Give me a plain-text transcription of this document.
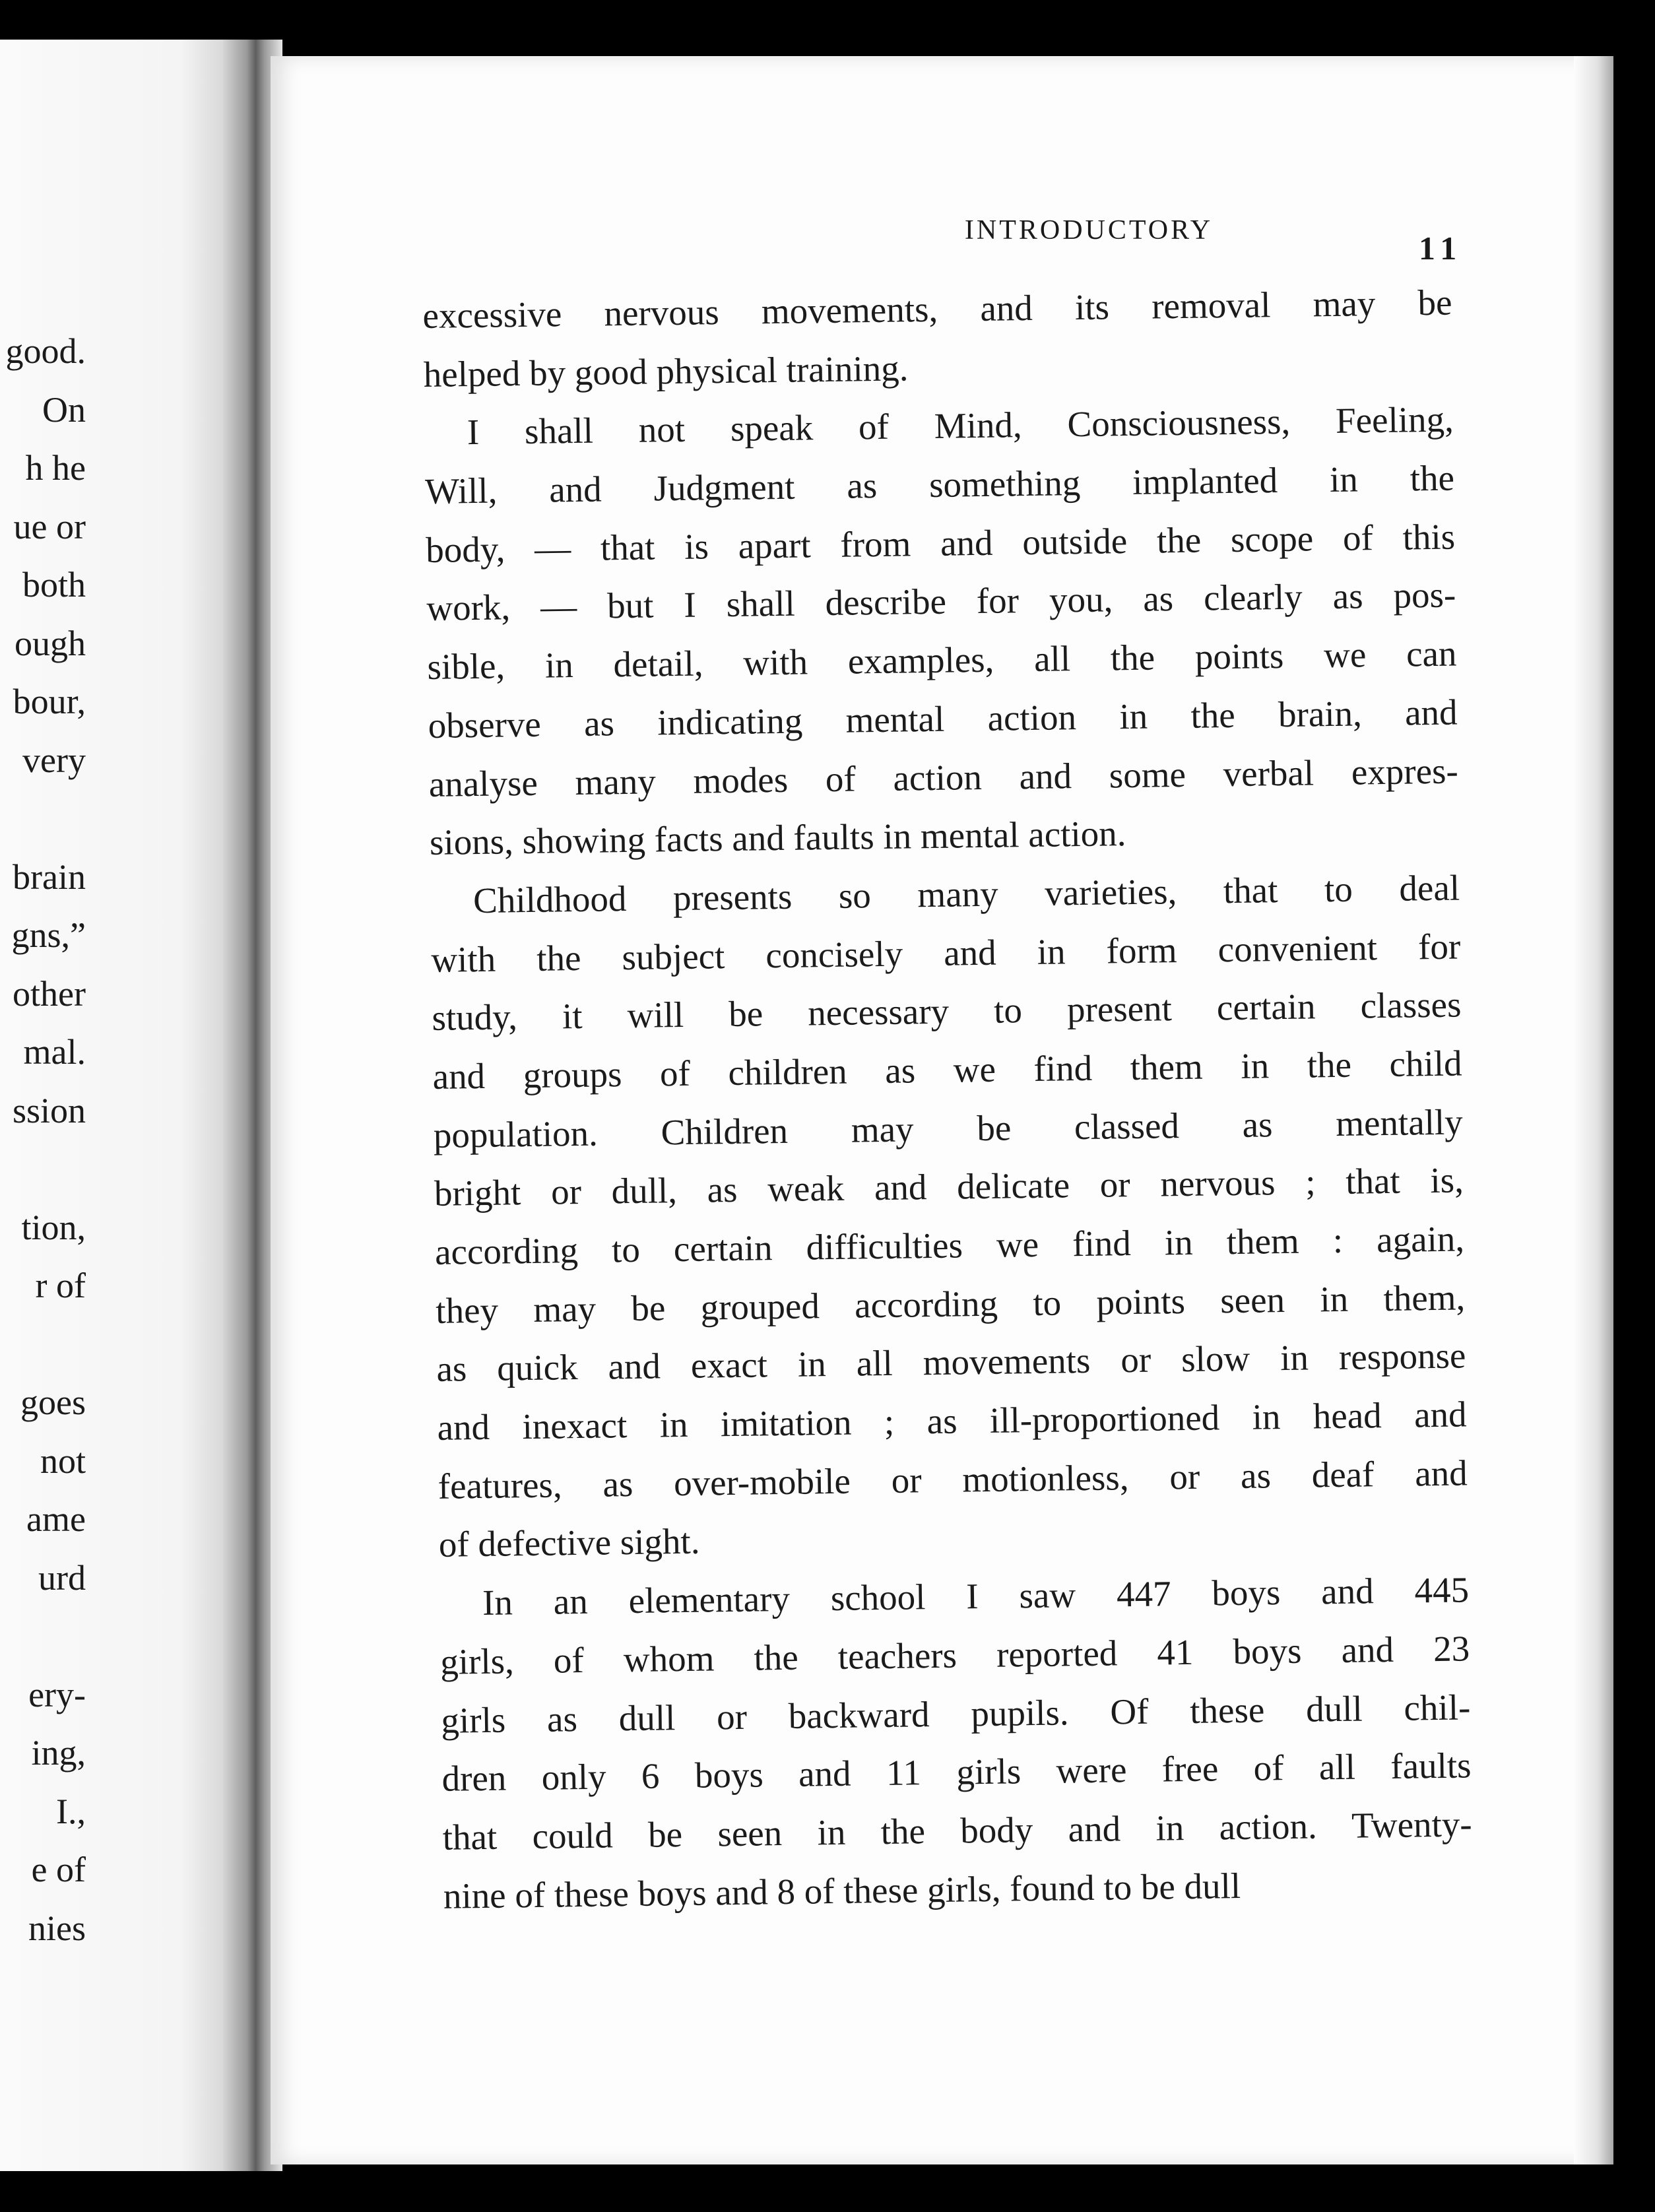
good.
On
h he
ue or
both
ough
bour,
very
brain
gns,”
other
mal.
ssion
tion,
r of
goes
not
ame
urd
ery-
ing,
I.,
e of
nies
INTRODUCTORY	11
excessive nervous movements, and its removal may be
helped by good physical training.
I shall not speak of Mind, Consciousness, Feeling,
Will, and Judgment as something implanted in the
body, — that is apart from and outside the scope of this
work, — but I shall describe for you, as clearly as pos-
sible, in detail, with examples, all the points we can
observe as indicating mental action in the brain, and
analyse many modes of action and some verbal expres-
sions, showing facts and faults in mental action.
Childhood presents so many varieties, that to deal
with the subject concisely and in form convenient for
study, it will be necessary to present certain classes
and groups of children as we find them in the child
population. Children may be classed as mentally
bright or dull, as weak and delicate or nervous ; that is,
according to certain difficulties we find in them : again,
they may be grouped according to points seen in them,
as quick and exact in all movements or slow in response
and inexact in imitation ; as ill-proportioned in head and
features, as over-mobile or motionless, or as deaf and
of defective sight.
In an elementary school I saw 447 boys and 445
girls, of whom the teachers reported 41 boys and 23
girls as dull or backward pupils. Of these dull chil-
dren only 6 boys and 11 girls were free of all faults
that could be seen in the body and in action. Twenty-
nine of these boys and 8 of these girls, found to be dull
